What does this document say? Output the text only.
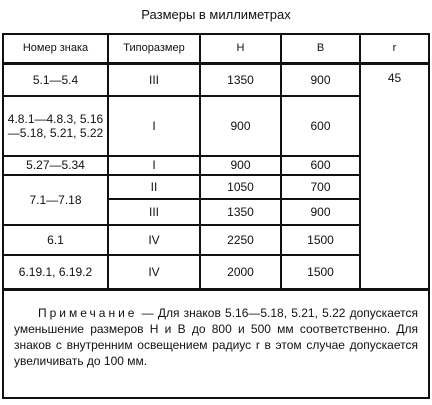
Размеры в миллиметрах
Номер знака	Типоразмер	H	B	r
5.1—5.4	III	1350	900	45
4.8.1—4.8.3, 5.16—5.18, 5.21, 5.22	I	900	600	
5.27—5.34	I	900	600	
7.1—7.18	II	1050	700	
	III	1350	900	
6.1	IV	2250	1500	
6.19.1, 6.19.2	IV	2000	1500	
Примечание — Для знаков 5.16—5.18, 5.21, 5.22 допускается уменьшение размеров H и B до 800 и 500 мм соответственно. Для знаков с внутренним освещением радиус r в этом случае допускается увеличивать до 100 мм.				
